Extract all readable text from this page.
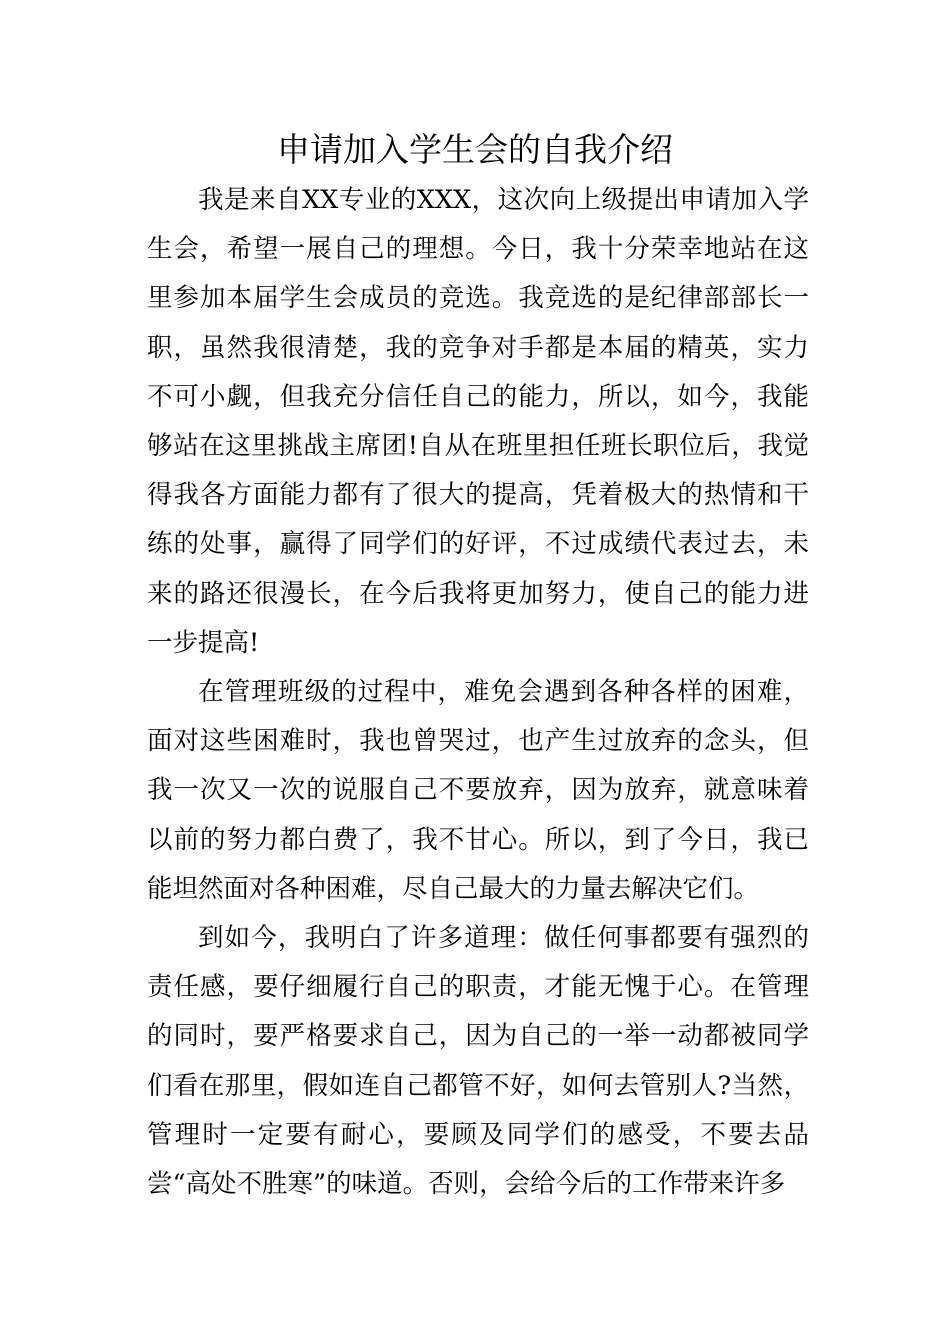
申请加入学生会的自我介绍

我是来自XX专业的XXX，这次向上级提出申请加入学生会，希望一展自己的理想。今日，我十分荣幸地站在这里参加本届学生会成员的竞选。我竞选的是纪律部部长一职，虽然我很清楚，我的竞争对手都是本届的精英，实力不可小觑，但我充分信任自己的能力，所以，如今，我能够站在这里挑战主席团!自从在班里担任班长职位后，我觉得我各方面能力都有了很大的提高，凭着极大的热情和干练的处事，赢得了同学们的好评，不过成绩代表过去，未来的路还很漫长，在今后我将更加努力，使自己的能力进一步提高!

在管理班级的过程中，难免会遇到各种各样的困难，面对这些困难时，我也曾哭过，也产生过放弃的念头，但我一次又一次的说服自己不要放弃，因为放弃，就意味着以前的努力都白费了，我不甘心。所以，到了今日，我已能坦然面对各种困难，尽自己最大的力量去解决它们。

到如今，我明白了许多道理：做任何事都要有强烈的责任感，要仔细履行自己的职责，才能无愧于心。在管理的同时，要严格要求自己，因为自己的一举一动都被同学们看在那里，假如连自己都管不好，如何去管别人?当然，管理时一定要有耐心，要顾及同学们的感受，不要去品尝“高处不胜寒”的味道。否则，会给今后的工作带来许多
